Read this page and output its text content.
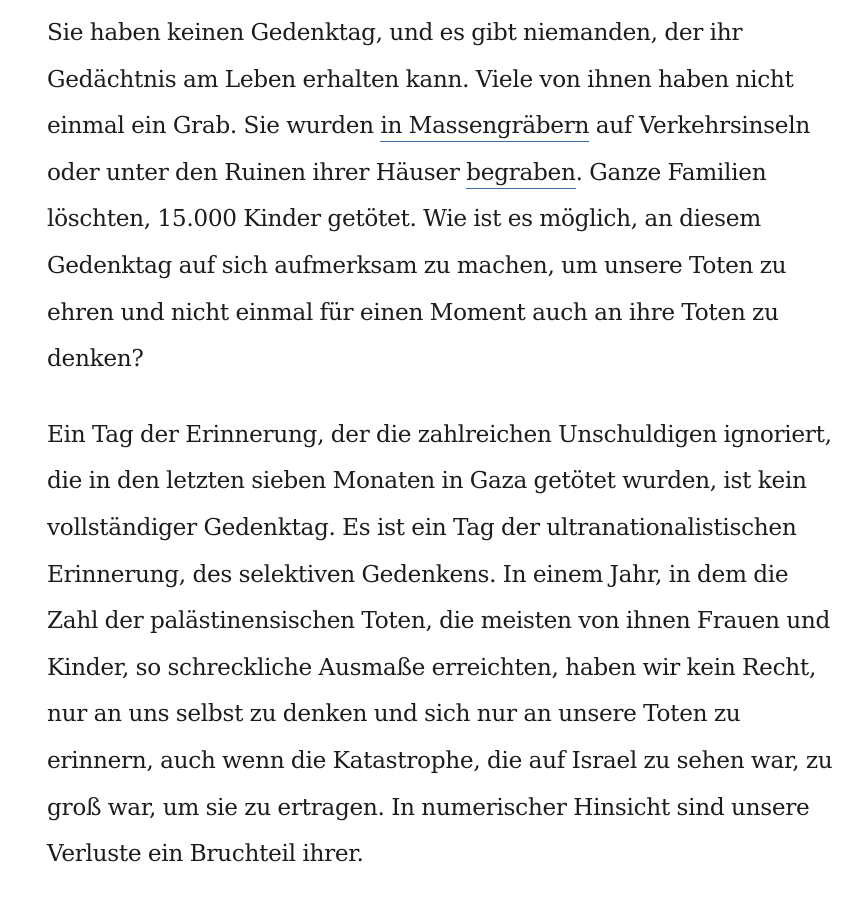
Sie haben keinen Gedenktag, und es gibt niemanden, der ihr Gedächtnis am Leben erhalten kann. Viele von ihnen haben nicht einmal ein Grab. Sie wurden in Massengräbern auf Verkehrsinseln oder unter den Ruinen ihrer Häuser begraben. Ganze Familien löschten, 15.000 Kinder getötet. Wie ist es möglich, an diesem Gedenktag auf sich aufmerksam zu machen, um unsere Toten zu ehren und nicht einmal für einen Moment auch an ihre Toten zu denken?

Ein Tag der Erinnerung, der die zahlreichen Unschuldigen ignoriert, die in den letzten sieben Monaten in Gaza getötet wurden, ist kein vollständiger Gedenktag. Es ist ein Tag der ultranationalistischen Erinnerung, des selektiven Gedenkens. In einem Jahr, in dem die Zahl der palästinensischen Toten, die meisten von ihnen Frauen und Kinder, so schreckliche Ausmaße erreichten, haben wir kein Recht, nur an uns selbst zu denken und sich nur an unsere Toten zu erinnern, auch wenn die Katastrophe, die auf Israel zu sehen war, zu groß war, um sie zu ertragen. In numerischer Hinsicht sind unsere Verluste ein Bruchteil ihrer.
